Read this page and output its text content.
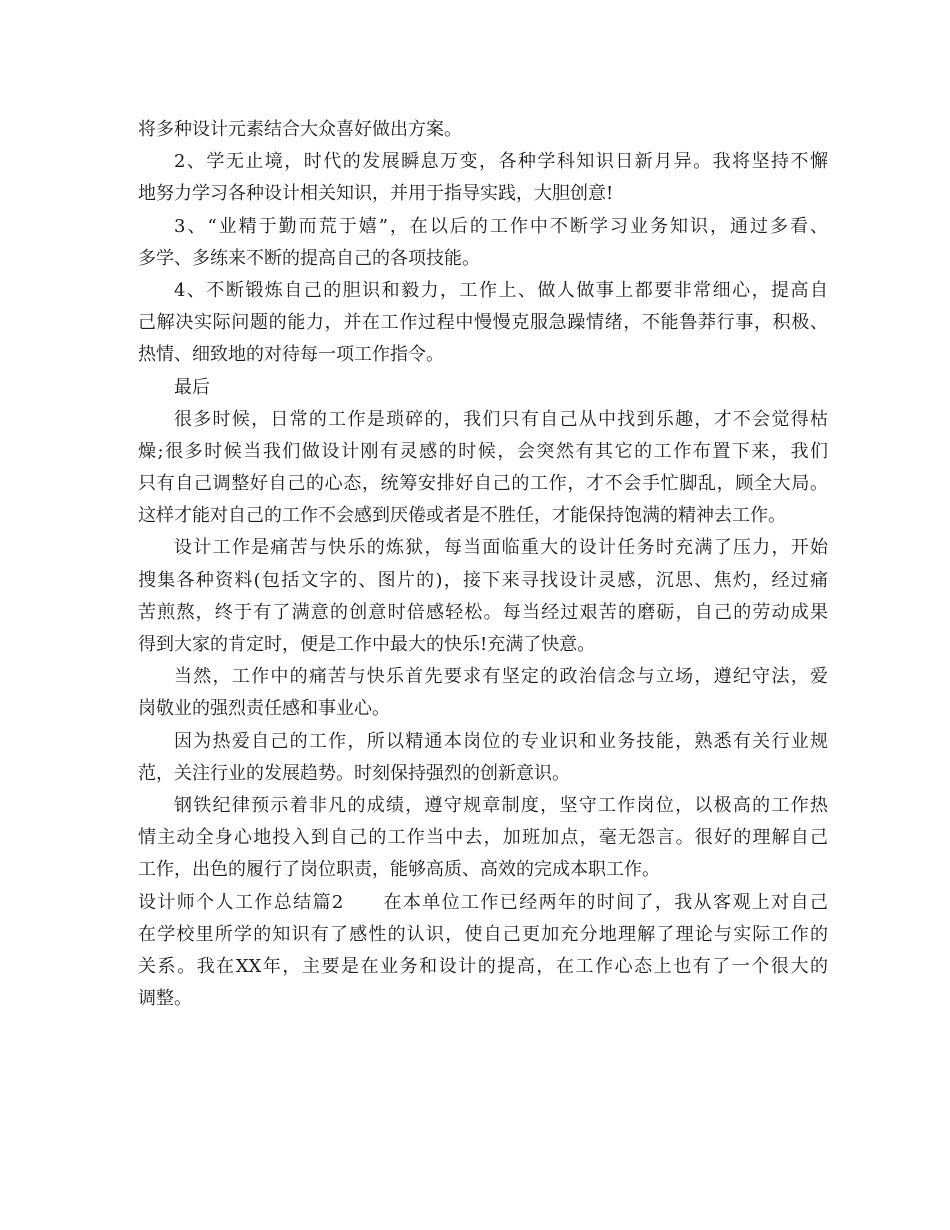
将多种设计元素结合大众喜好做出方案。
2、学无止境，时代的发展瞬息万变，各种学科知识日新月异。我将坚持不懈
地努力学习各种设计相关知识，并用于指导实践，大胆创意!
3、“业精于勤而荒于嬉”，在以后的工作中不断学习业务知识，通过多看、
多学、多练来不断的提高自己的各项技能。
4、不断锻炼自己的胆识和毅力，工作上、做人做事上都要非常细心，提高自
己解决实际问题的能力，并在工作过程中慢慢克服急躁情绪，不能鲁莽行事，积极、
热情、细致地的对待每一项工作指令。
最后
很多时候，日常的工作是琐碎的，我们只有自己从中找到乐趣，才不会觉得枯
燥;很多时候当我们做设计刚有灵感的时候，会突然有其它的工作布置下来，我们
只有自己调整好自己的心态，统筹安排好自己的工作，才不会手忙脚乱，顾全大局。
这样才能对自己的工作不会感到厌倦或者是不胜任，才能保持饱满的精神去工作。
设计工作是痛苦与快乐的炼狱，每当面临重大的设计任务时充满了压力，开始
搜集各种资料(包括文字的、图片的)，接下来寻找设计灵感，沉思、焦灼，经过痛
苦煎熬，终于有了满意的创意时倍感轻松。每当经过艰苦的磨砺，自己的劳动成果
得到大家的肯定时，便是工作中最大的快乐!充满了快意。
当然，工作中的痛苦与快乐首先要求有坚定的政治信念与立场，遵纪守法，爱
岗敬业的强烈责任感和事业心。
因为热爱自己的工作，所以精通本岗位的专业识和业务技能，熟悉有关行业规
范，关注行业的发展趋势。时刻保持强烈的创新意识。
钢铁纪律预示着非凡的成绩，遵守规章制度，坚守工作岗位，以极高的工作热
情主动全身心地投入到自己的工作当中去，加班加点，毫无怨言。很好的理解自己
工作，出色的履行了岗位职责，能够高质、高效的完成本职工作。
设计师个人工作总结篇2　　在本单位工作已经两年的时间了，我从客观上对自己
在学校里所学的知识有了感性的认识，使自己更加充分地理解了理论与实际工作的
关系。我在XX年，主要是在业务和设计的提高，在工作心态上也有了一个很大的
调整。
